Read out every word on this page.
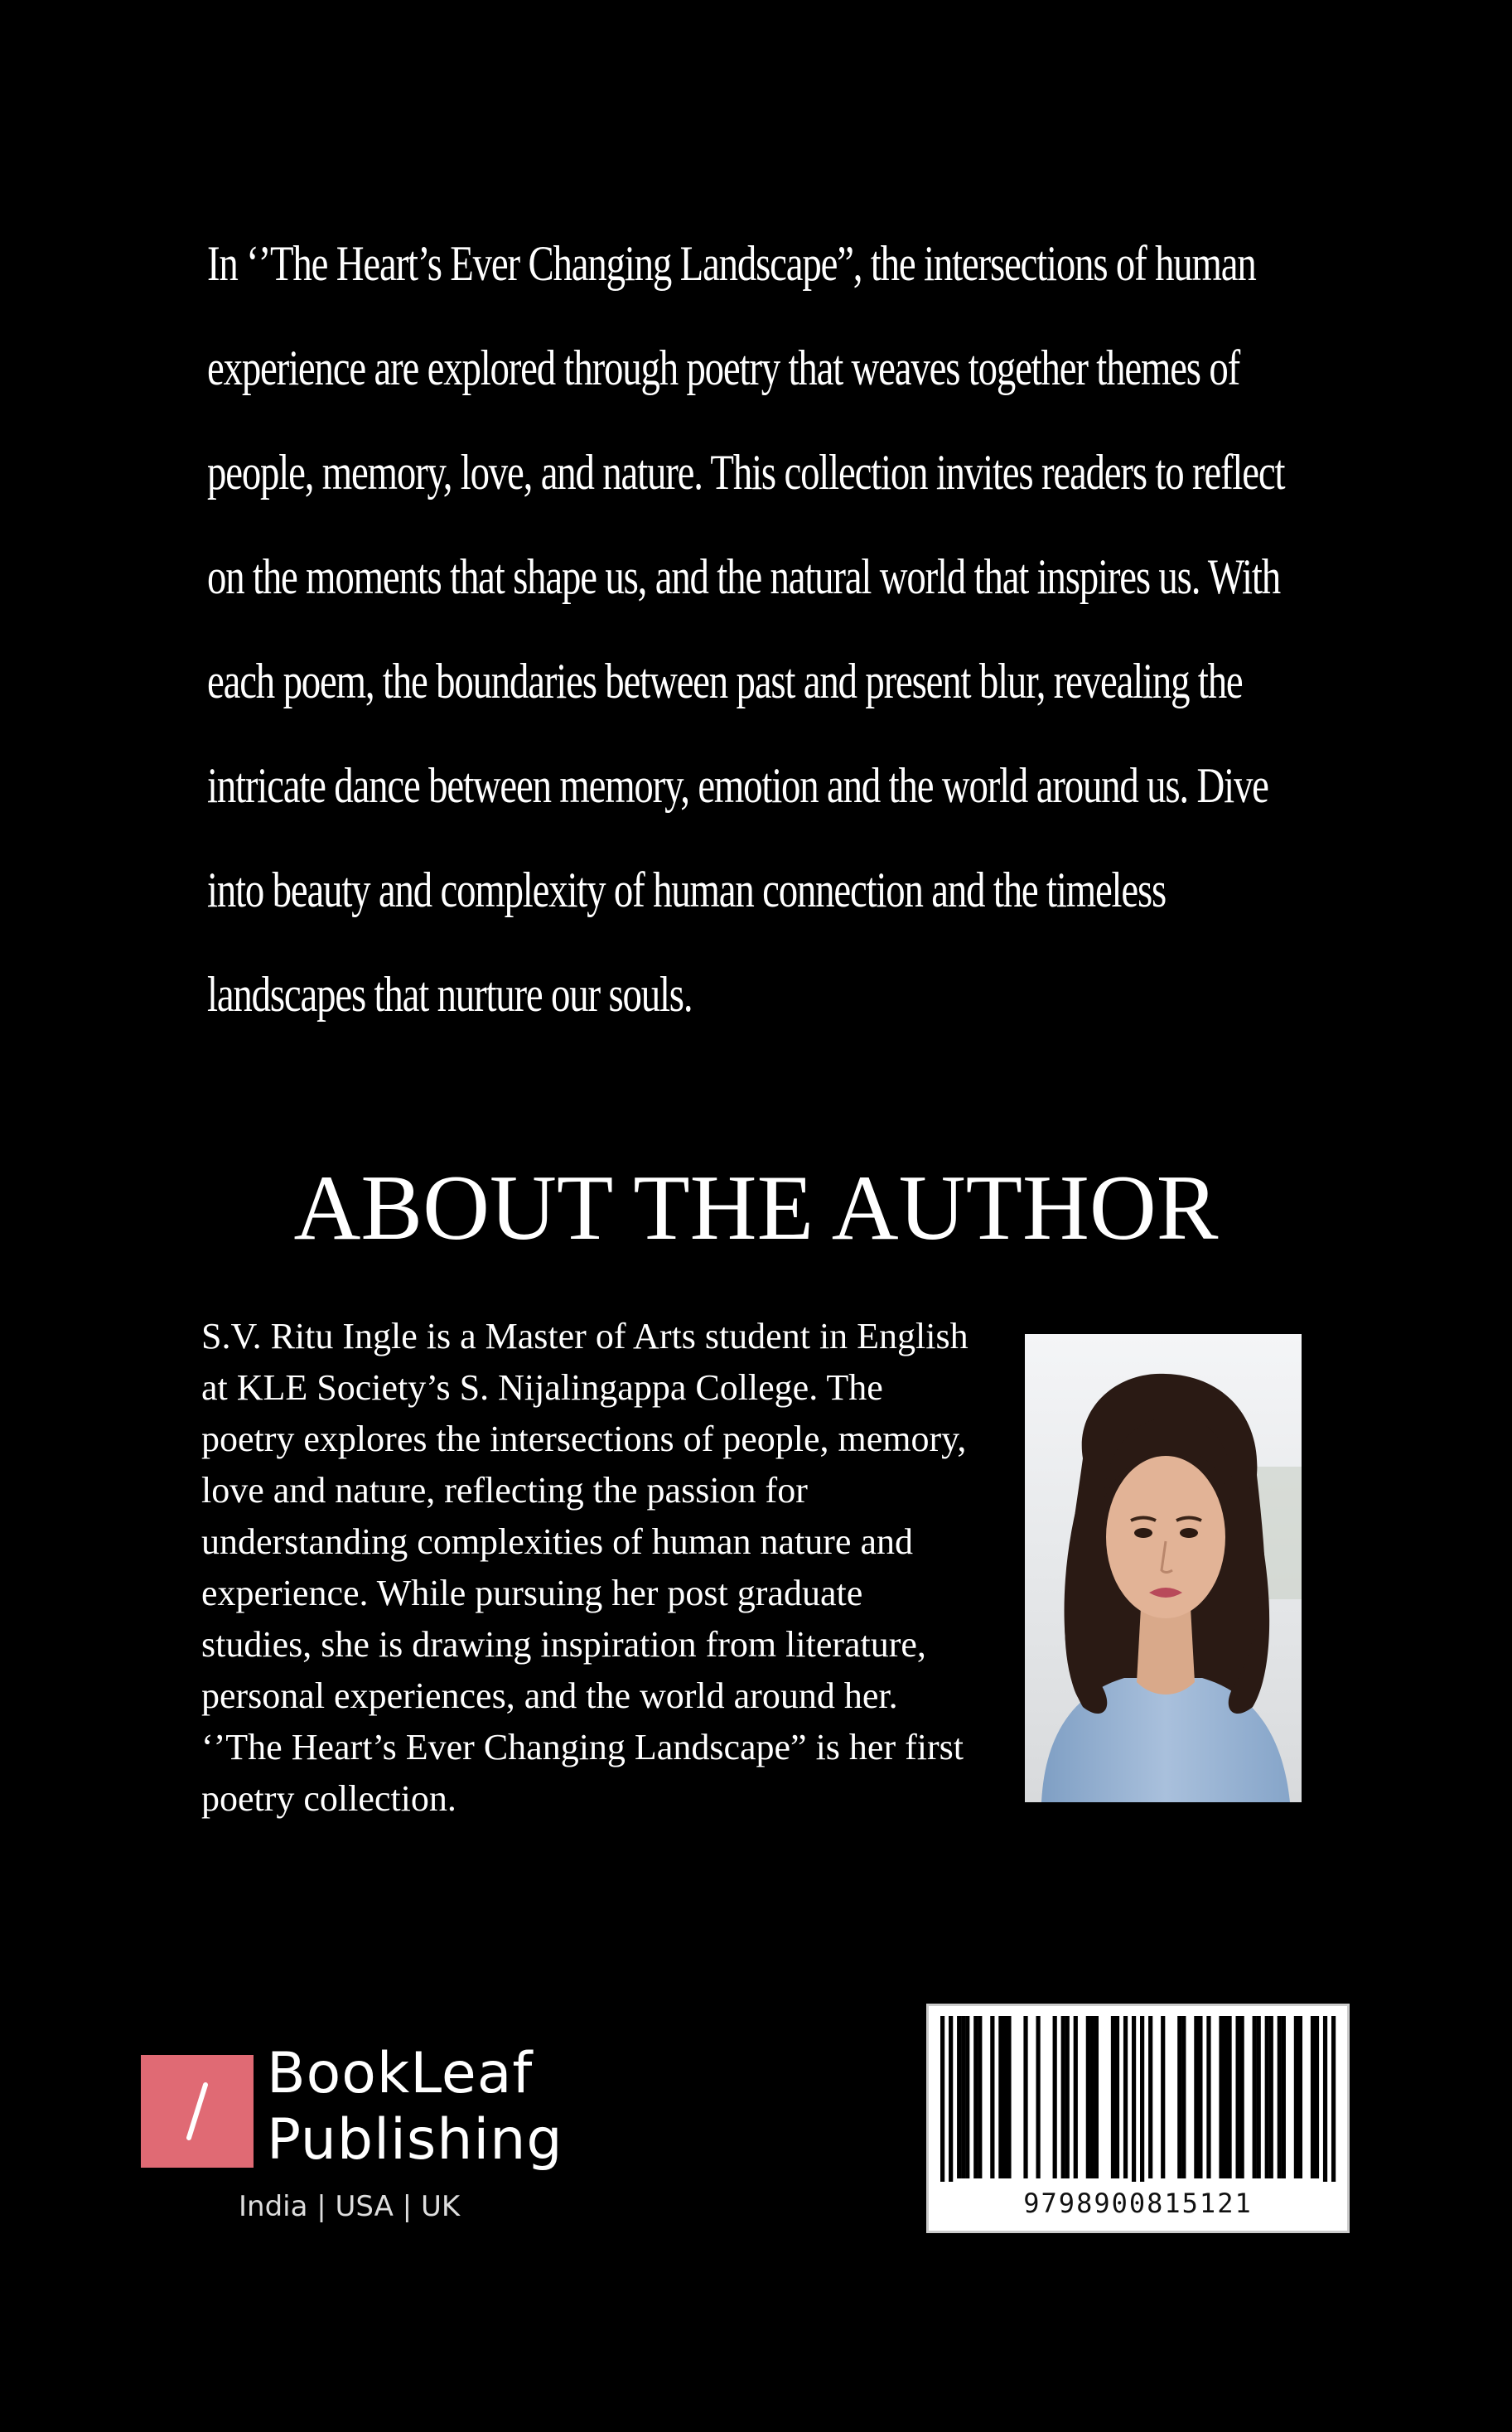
In ‘’The Heart’s Ever Changing Landscape”, the intersections of human experience are explored through poetry that weaves together themes of people, memory, love, and nature. This collection invites readers to reflect on the moments that shape us, and the natural world that inspires us. With each poem, the boundaries between past and present blur, revealing the intricate dance between memory, emotion and the world around us. Dive into beauty and complexity of human connection and the timeless landscapes that nurture our souls.

ABOUT THE AUTHOR

S.V. Ritu Ingle is a Master of Arts student in English at KLE Society’s S. Nijalingappa College. The poetry explores the intersections of people, memory, love and nature, reflecting the passion for understanding complexities of human nature and experience. While pursuing her post graduate studies, she is drawing inspiration from literature, personal experiences, and the world around her. ‘’The Heart’s Ever Changing Landscape” is her first poetry collection.

BookLeaf
Publishing
India | USA | UK	9798900815121
